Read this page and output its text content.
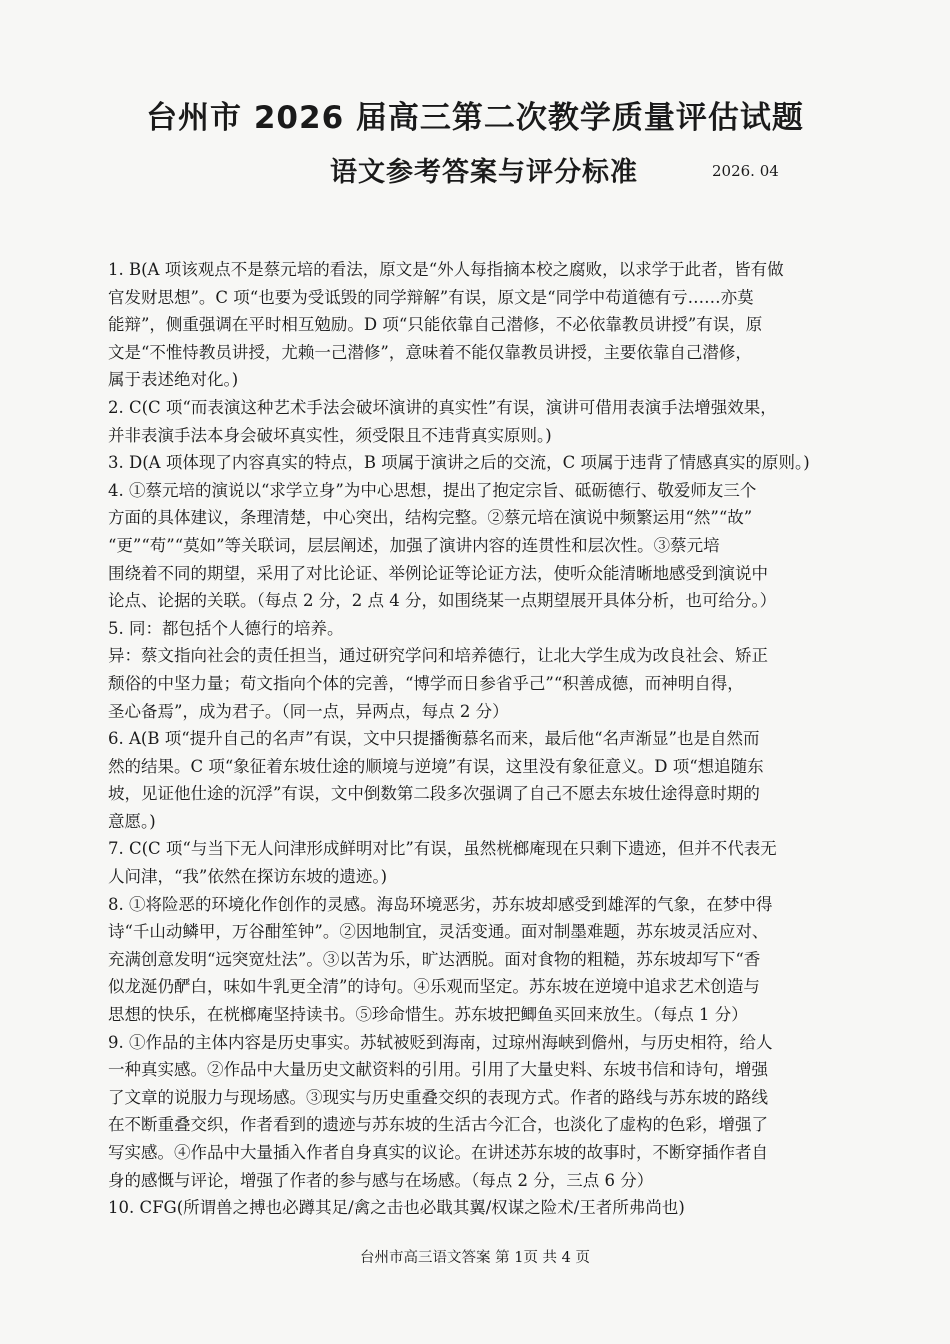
台州市 2026 届高三第二次教学质量评估试题
语文参考答案与评分标准	2026. 04
1. B(A 项该观点不是蔡元培的看法，原文是“外人每指摘本校之腐败，以求学于此者，皆有做
官发财思想”。C 项“也要为受诋毁的同学辩解”有误，原文是“同学中苟道德有亏……亦莫
能辩”，侧重强调在平时相互勉励。D 项“只能依靠自己潜修，不必依靠教员讲授”有误，原
文是“不惟恃教员讲授，尤赖一己潜修”，意味着不能仅靠教员讲授，主要依靠自己潜修，
属于表述绝对化。)
2. C(C 项“而表演这种艺术手法会破坏演讲的真实性”有误，演讲可借用表演手法增强效果，
并非表演手法本身会破坏真实性，须受限且不违背真实原则。)
3. D(A 项体现了内容真实的特点，B 项属于演讲之后的交流，C 项属于违背了情感真实的原则。)
4. ①蔡元培的演说以“求学立身”为中心思想，提出了抱定宗旨、砥砺德行、敬爱师友三个
方面的具体建议，条理清楚，中心突出，结构完整。②蔡元培在演说中频繁运用“然”“故”
“更”“苟”“莫如”等关联词，层层阐述，加强了演讲内容的连贯性和层次性。③蔡元培
围绕着不同的期望，采用了对比论证、举例论证等论证方法，使听众能清晰地感受到演说中
论点、论据的关联。（每点 2 分，2 点 4 分，如围绕某一点期望展开具体分析，也可给分。）
5. 同：都包括个人德行的培养。
异：蔡文指向社会的责任担当，通过研究学问和培养德行，让北大学生成为改良社会、矫正
颓俗的中坚力量；荀文指向个体的完善，“博学而日参省乎己”“积善成德，而神明自得，
圣心备焉”，成为君子。（同一点，异两点，每点 2 分）
6. A(B 项“提升自己的名声”有误，文中只提播衡慕名而来，最后他“名声渐显”也是自然而
然的结果。C 项“象征着东坡仕途的顺境与逆境”有误，这里没有象征意义。D 项“想追随东
坡，见证他仕途的沉浮”有误，文中倒数第二段多次强调了自己不愿去东坡仕途得意时期的
意愿。)
7. C(C 项“与当下无人问津形成鲜明对比”有误，虽然桄榔庵现在只剩下遗迹，但并不代表无
人问津，“我”依然在探访东坡的遗迹。)
8. ①将险恶的环境化作创作的灵感。海岛环境恶劣，苏东坡却感受到雄浑的气象，在梦中得
诗“千山动鳞甲，万谷酣笙钟”。②因地制宜，灵活变通。面对制墨难题，苏东坡灵活应对、
充满创意发明“远突宽灶法”。③以苦为乐，旷达洒脱。面对食物的粗糙，苏东坡却写下“香
似龙涎仍酽白，味如牛乳更全清”的诗句。④乐观而坚定。苏东坡在逆境中追求艺术创造与
思想的快乐，在桄榔庵坚持读书。⑤珍命惜生。苏东坡把鲫鱼买回来放生。（每点 1 分）
9. ①作品的主体内容是历史事实。苏轼被贬到海南，过琼州海峡到儋州，与历史相符，给人
一种真实感。②作品中大量历史文献资料的引用。引用了大量史料、东坡书信和诗句，增强
了文章的说服力与现场感。③现实与历史重叠交织的表现方式。作者的路线与苏东坡的路线
在不断重叠交织，作者看到的遗迹与苏东坡的生活古今汇合，也淡化了虚构的色彩，增强了
写实感。④作品中大量插入作者自身真实的议论。在讲述苏东坡的故事时，不断穿插作者自
身的感慨与评论，增强了作者的参与感与在场感。（每点 2 分，三点 6 分）
10. CFG(所谓兽之搏也必蹲其足/禽之击也必戢其翼/权谋之险术/王者所弗尚也)
台州市高三语文答案 第 1页 共 4 页
